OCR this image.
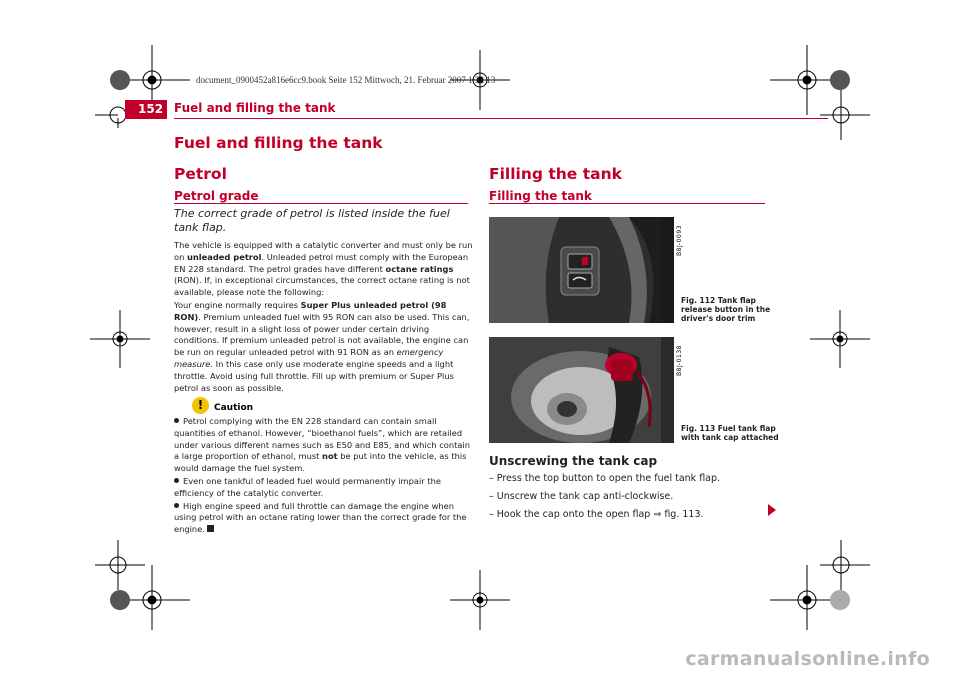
document_0900452a816e6cc9.book Seite 152 Mittwoch, 21. Februar 2007 1:32 13
152 Fuel and filling the tank
Fuel and filling the tank
Petrol
Petrol grade
The correct grade of petrol is listed inside the fuel tank flap.

The vehicle is equipped with a catalytic converter and must only be run on unleaded petrol. Unleaded petrol must comply with the European EN 228 standard. The petrol grades have different octane ratings (RON). If, in exceptional circumstances, the correct octane rating is not available, please note the following:

Your engine normally requires Super Plus unleaded petrol (98 RON). Premium unleaded fuel with 95 RON can also be used. This can, however, result in a slight loss of power under certain driving conditions. If premium unleaded petrol is not available, the engine can be run on regular unleaded petrol with 91 RON as an emergency measure. In this case only use moderate engine speeds and a light throttle. Avoid using full throttle. Fill up with premium or Super Plus petrol as soon as possible.

!	Caution

Petrol complying with the EN 228 standard can contain small quantities of ethanol. However, “bioethanol fuels”, which are retailed under various different names such as E50 and E85, and which contain a large proportion of ethanol, must not be put into the vehicle, as this would damage the fuel system.

Even one tankful of leaded fuel would permanently impair the efficiency of the catalytic converter.

High engine speed and full throttle can damage the engine when using petrol with an octane rating lower than the correct grade for the engine.

Filling the tank
Filling the tank
B8J-0093
Fig. 112 Tank flap
release button in the
driver's door trim
B8J-0138
Fig. 113 Fuel tank flap
with tank cap attached
Unscrewing the tank cap
– Press the top button to open the fuel tank flap.
– Unscrew the tank cap anti-clockwise.
– Hook the cap onto the open flap ⇒ fig. 113.
carmanualsonline.info
